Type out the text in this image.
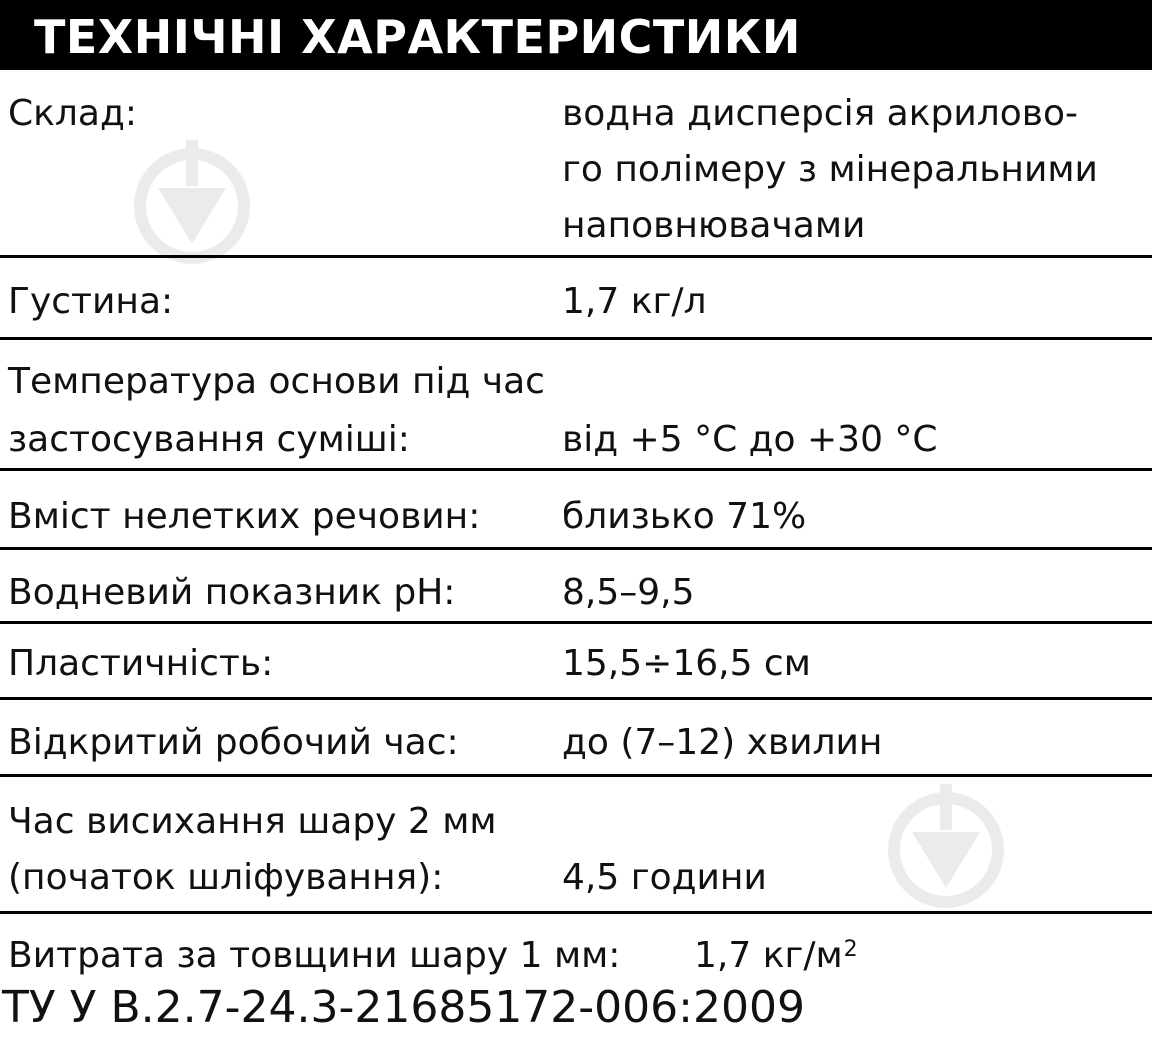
ТЕХНІЧНІ ХАРАКТЕРИСТИКИ
Склад:	водна дисперсія акрилово-
го полімеру з мінеральними
наповнювачами
Густина:	1,7 кг/л
Температура основи під час
застосування суміші:	від +5 °С до +30 °С
Вміст нелетких речовин: близько 71%
Водневий показник pH:	8,5–9,5
Пластичність:	15,5÷16,5 см
Відкритий робочий час:	до (7–12) хвилин
Час висихання шару 2 мм
(початок шліфування):	4,5 години
Витрата за товщини шару 1 мм: 1,7 $кг/м^2$
ТУ У В.2.7-24.3-21685172-006:2009
